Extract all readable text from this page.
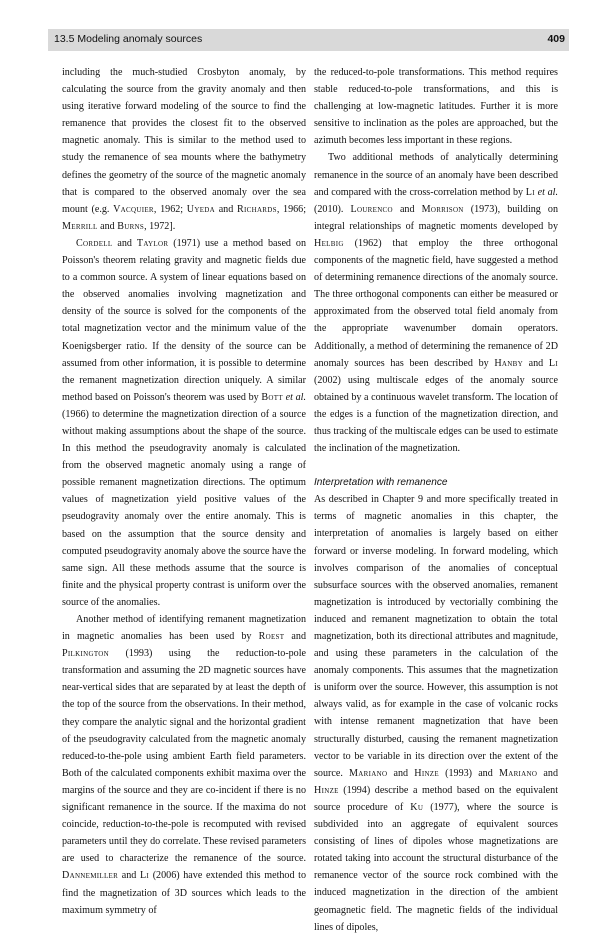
13.5 Modeling anomaly sources	409

including the much-studied Crosbyton anomaly, by calculating the source from the gravity anomaly and then using iterative forward modeling of the source to find the remanence that provides the closest fit to the observed magnetic anomaly. This is similar to the method used to study the remanence of sea mounts where the bathymetry defines the geometry of the source of the magnetic anomaly that is compared to the observed anomaly over the sea mount (e.g. Vacquier, 1962; Uyeda and Richards, 1966; Merrill and Burns, 1972].

Cordell and Taylor (1971) use a method based on Poisson's theorem relating gravity and magnetic fields due to a common source. A system of linear equations based on the observed anomalies involving magnetization and density of the source is solved for the components of the total magnetization vector and the minimum value of the Koenigsberger ratio. If the density of the source can be assumed from other information, it is possible to determine the remanent magnetization direction uniquely. A similar method based on Poisson's theorem was used by Bott et al. (1966) to determine the magnetization direction of a source without making assumptions about the shape of the source. In this method the pseudogravity anomaly is calculated from the observed magnetic anomaly using a range of possible remanent magnetization directions. The optimum values of magnetization yield positive values of the pseudogravity anomaly over the entire anomaly. This is based on the assumption that the source density and computed pseudogravity anomaly above the source have the same sign. All these methods assume that the source is finite and the physical property contrast is uniform over the source of the anomalies.

Another method of identifying remanent magnetization in magnetic anomalies has been used by Roest and Pilkington (1993) using the reduction-to-pole transformation and assuming the 2D magnetic sources have near-vertical sides that are separated by at least the depth of the top of the source from the observations. In their method, they compare the analytic signal and the horizontal gradient of the pseudogravity calculated from the magnetic anomaly reduced-to-the-pole using ambient Earth field parameters. Both of the calculated components exhibit maxima over the margins of the source and they are co-incident if there is no significant remanence in the source. If the maxima do not coincide, reduction-to-the-pole is recomputed with revised parameters until they do correlate. These revised parameters are used to characterize the remanence of the source. Dannemiller and Li (2006) have extended this method to find the magnetization of 3D sources which leads to the maximum symmetry of

the reduced-to-pole transformations. This method requires stable reduced-to-pole transformations, and this is challenging at low-magnetic latitudes. Further it is more sensitive to inclination as the poles are approached, but the azimuth becomes less important in these regions.

Two additional methods of analytically determining remanence in the source of an anomaly have been described and compared with the cross-correlation method by Li et al. (2010). Lourenco and Morrison (1973), building on integral relationships of magnetic moments developed by Helbig (1962) that employ the three orthogonal components of the magnetic field, have suggested a method of determining remanence directions of the anomaly source. The three orthogonal components can either be measured or approximated from the observed total field anomaly from the appropriate wavenumber domain operators. Additionally, a method of determining the remanence of 2D anomaly sources has been described by Hanby and Li (2002) using multiscale edges of the anomaly source obtained by a continuous wavelet transform. The location of the edges is a function of the magnetization direction, and thus tracking of the multiscale edges can be used to estimate the inclination of the magnetization.

Interpretation with remanence

As described in Chapter 9 and more specifically treated in terms of magnetic anomalies in this chapter, the interpretation of anomalies is largely based on either forward or inverse modeling. In forward modeling, which involves comparison of the anomalies of conceptual subsurface sources with the observed anomalies, remanent magnetization is introduced by vectorially combining the induced and remanent magnetization to obtain the total magnetization, both its directional attributes and magnitude, and using these parameters in the calculation of the anomaly components. This assumes that the magnetization is uniform over the source. However, this assumption is not always valid, as for example in the case of volcanic rocks with intense remanent magnetization that have been structurally disturbed, causing the remanent magnetization vector to be variable in its direction over the extent of the source. Mariano and Hinze (1993) and Mariano and Hinze (1994) describe a method based on the equivalent source procedure of Ku (1977), where the source is subdivided into an aggregate of equivalent sources consisting of lines of dipoles whose magnetizations are rotated taking into account the structural disturbance of the remanence vector of the source rock combined with the induced magnetization in the direction of the ambient geomagnetic field. The magnetic fields of the individual lines of dipoles,
